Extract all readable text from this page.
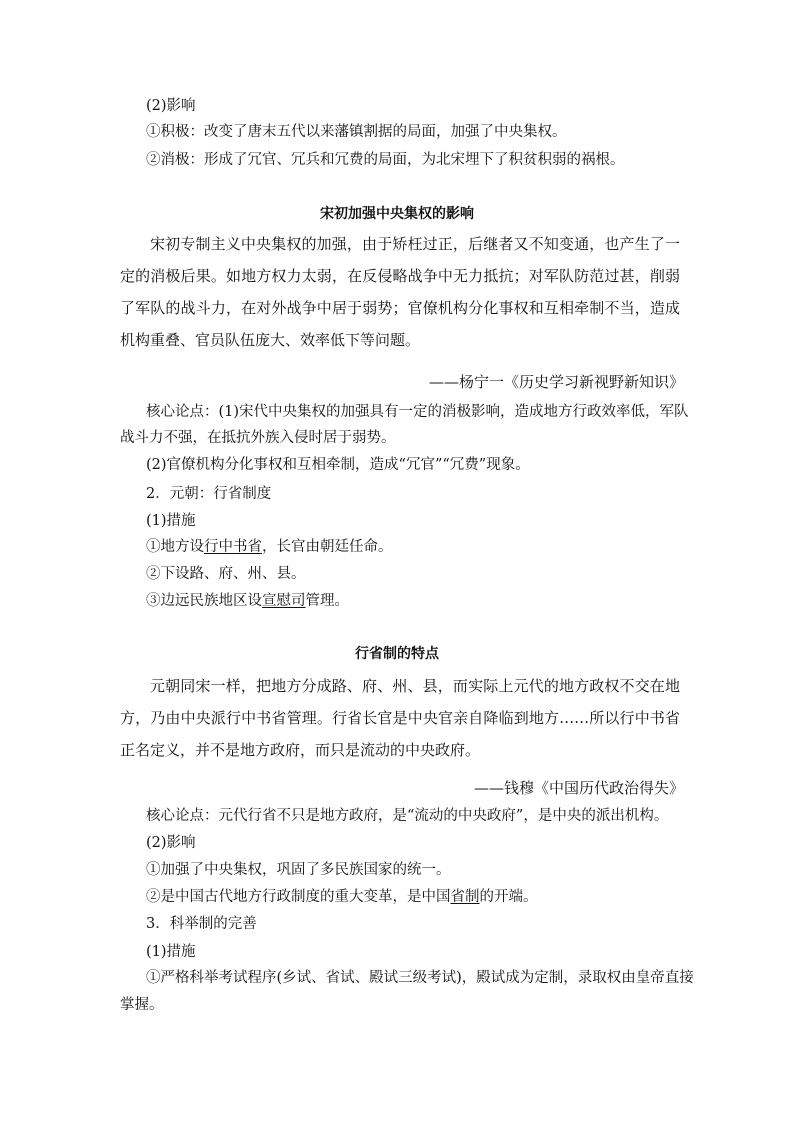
(2)影响
①积极：改变了唐末五代以来藩镇割据的局面，加强了中央集权。
②消极：形成了冗官、冗兵和冗费的局面，为北宋埋下了积贫积弱的祸根。
宋初加强中央集权的影响
宋初专制主义中央集权的加强，由于矫枉过正，后继者又不知变通，也产生了一定的消极后果。如地方权力太弱，在反侵略战争中无力抵抗；对军队防范过甚，削弱了军队的战斗力，在对外战争中居于弱势；官僚机构分化事权和互相牵制不当，造成机构重叠、官员队伍庞大、效率低下等问题。
——杨宁一《历史学习新视野新知识》
核心论点：(1)宋代中央集权的加强具有一定的消极影响，造成地方行政效率低，军队
战斗力不强，在抵抗外族入侵时居于弱势。
(2)官僚机构分化事权和互相牵制，造成“冗官”“冗费”现象。
2．元朝：行省制度
(1)措施
①地方设行中书省，长官由朝廷任命。
②下设路、府、州、县。
③边远民族地区设宣慰司管理。
行省制的特点
元朝同宋一样，把地方分成路、府、州、县，而实际上元代的地方政权不交在地方，乃由中央派行中书省管理。行省长官是中央官亲自降临到地方……所以行中书省正名定义，并不是地方政府，而只是流动的中央政府。
——钱穆《中国历代政治得失》
核心论点：元代行省不只是地方政府，是“流动的中央政府”，是中央的派出机构。
(2)影响
①加强了中央集权，巩固了多民族国家的统一。
②是中国古代地方行政制度的重大变革，是中国省制的开端。
3．科举制的完善
(1)措施
①严格科举考试程序(乡试、省试、殿试三级考试)，殿试成为定制，录取权由皇帝直接
掌握。
